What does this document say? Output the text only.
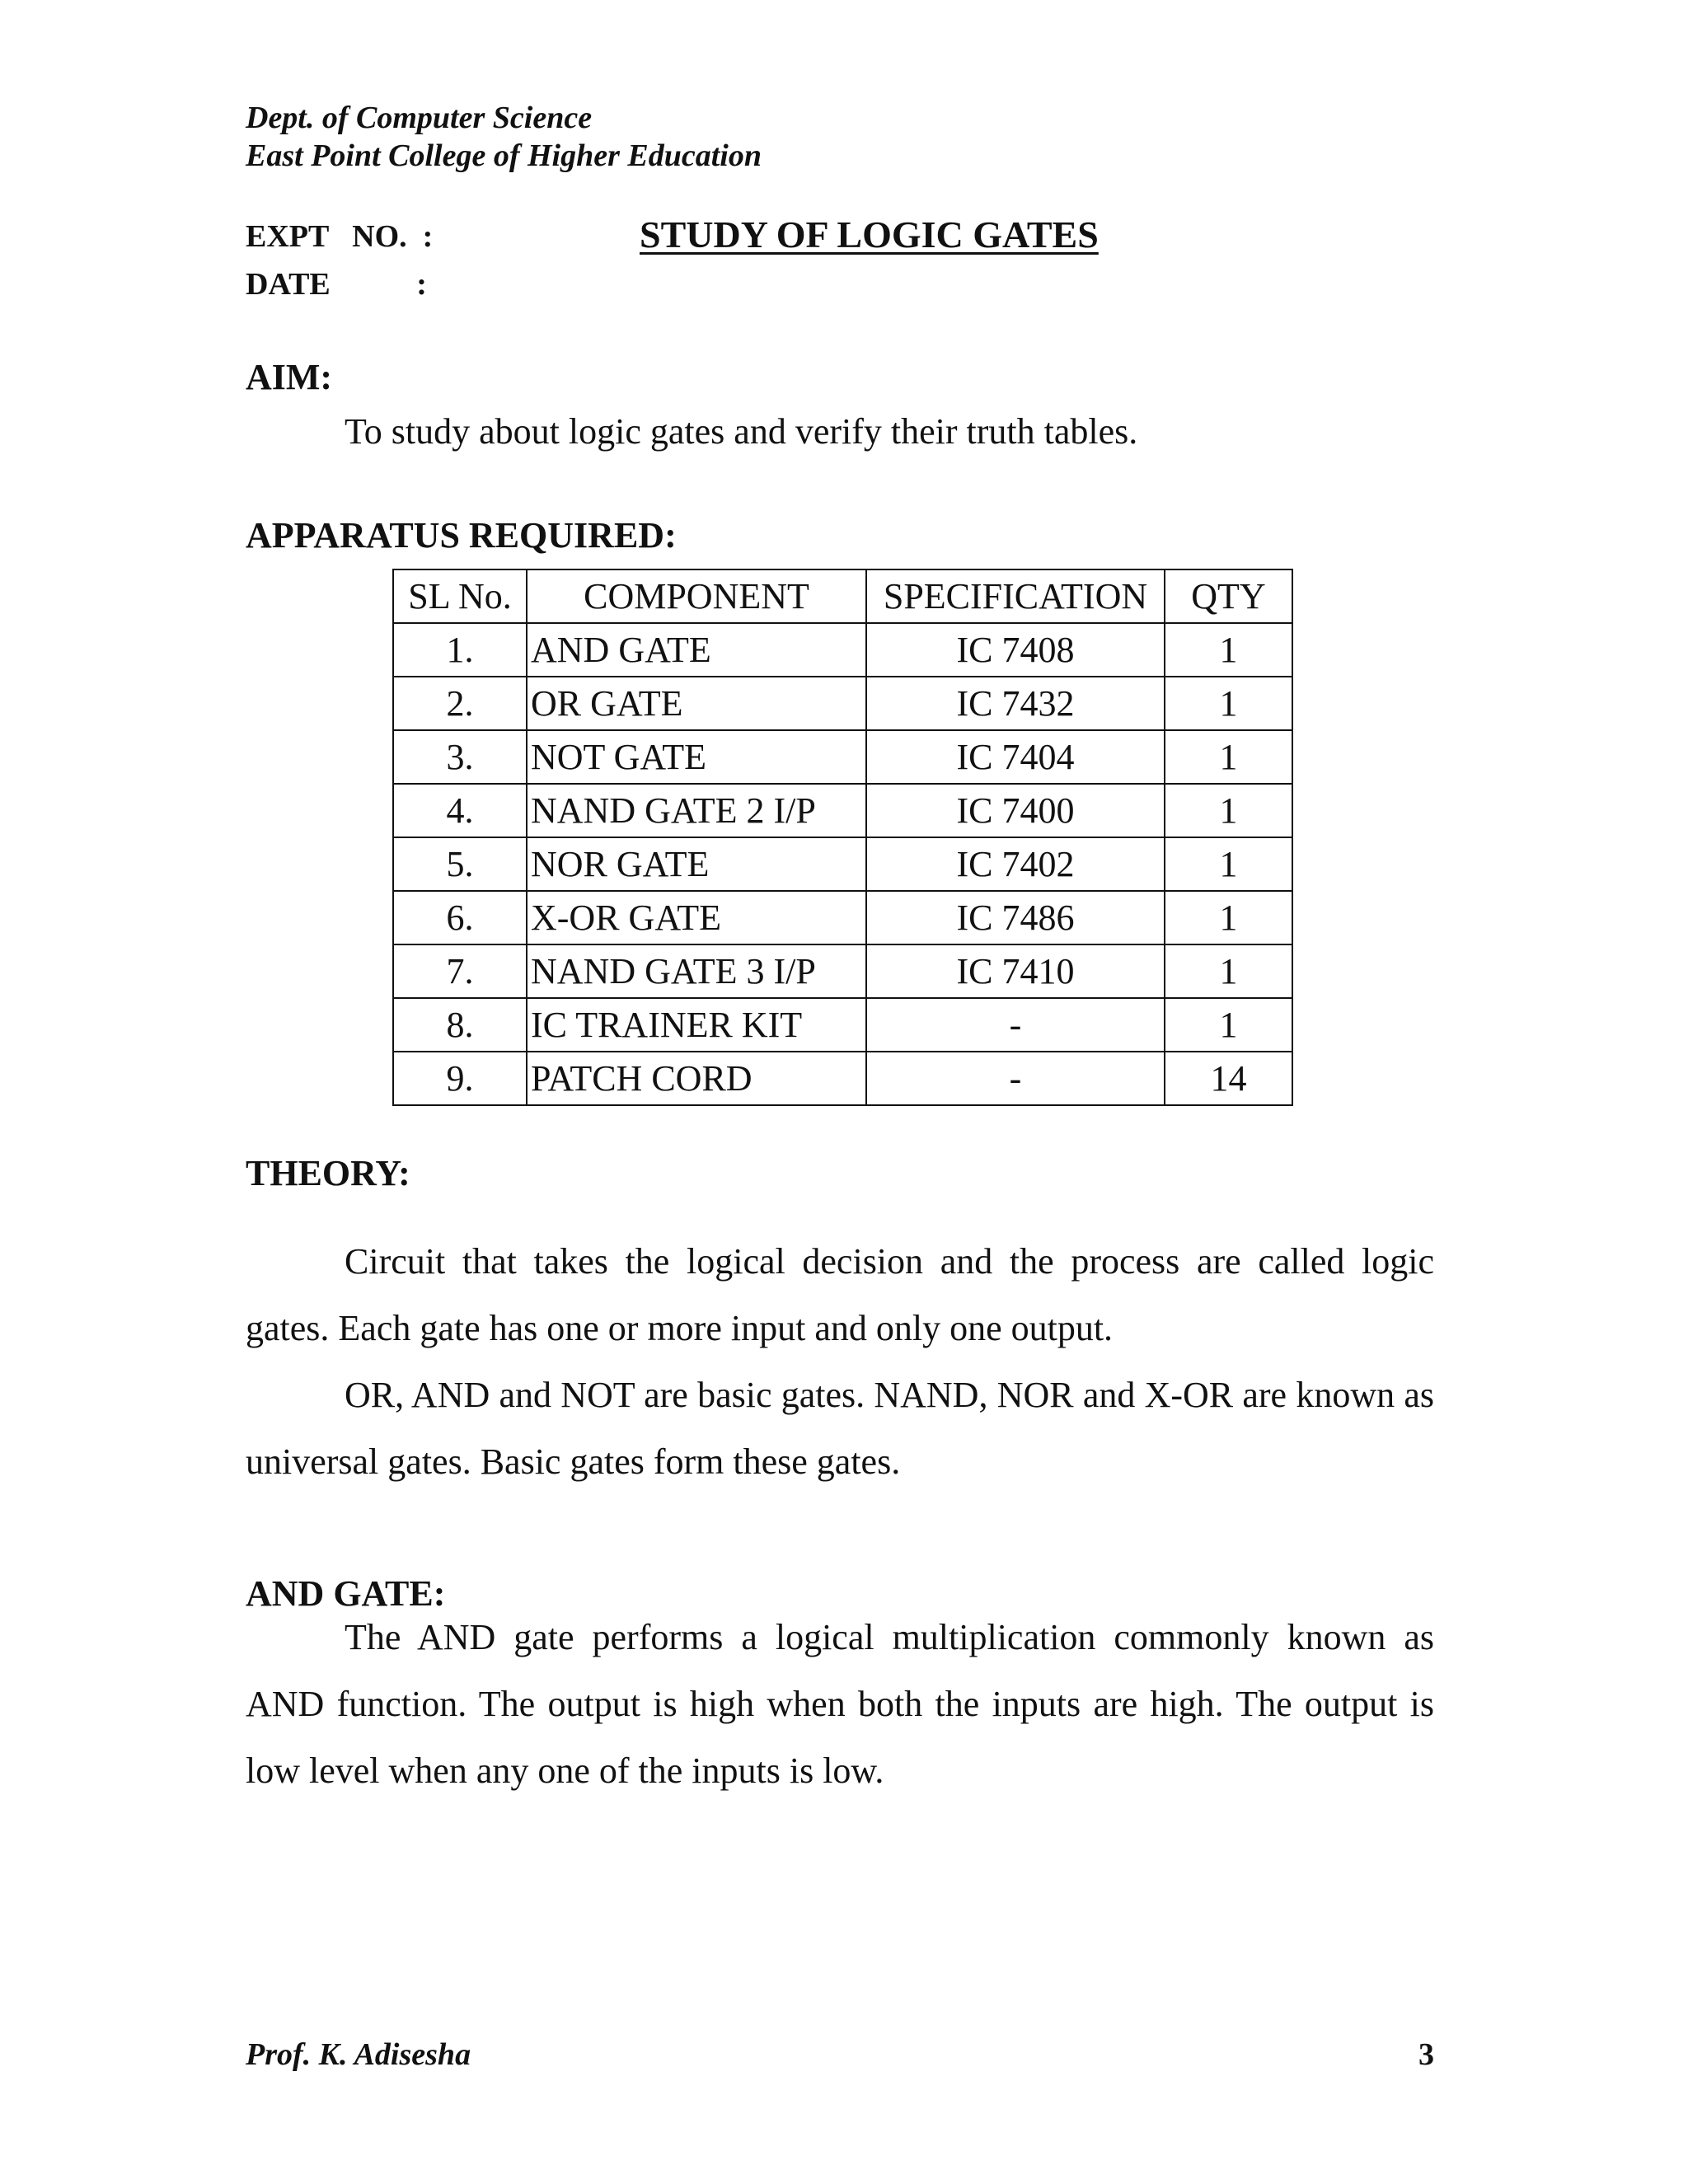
Dept. of Computer Science
East Point College of Higher Education
EXPT   NO.  :
DATE           :
STUDY OF LOGIC GATES
AIM:
To study about logic gates and verify their truth tables.
APPARATUS REQUIRED:
SL No.	COMPONENT	SPECIFICATION	QTY
1.	AND GATE	IC 7408	1
2.	OR GATE	IC 7432	1
3.	NOT GATE	IC 7404	1
4.	NAND GATE 2 I/P	IC 7400	1
5.	NOR GATE	IC 7402	1
6.	X-OR GATE	IC 7486	1
7.	NAND GATE 3 I/P	IC 7410	1
8.	IC TRAINER KIT	-	1
9.	PATCH CORD	-	14
THEORY:
Circuit that takes the logical decision and the process are called logic gates. Each gate has one or more input and only one output.
OR, AND and NOT are basic gates. NAND, NOR and X-OR are known as universal gates. Basic gates form these gates.
AND GATE:
The AND gate performs a logical multiplication commonly known as AND function. The output is high when both the inputs are high. The output is low level when any one of the inputs is low.
Prof. K. Adisesha	3
